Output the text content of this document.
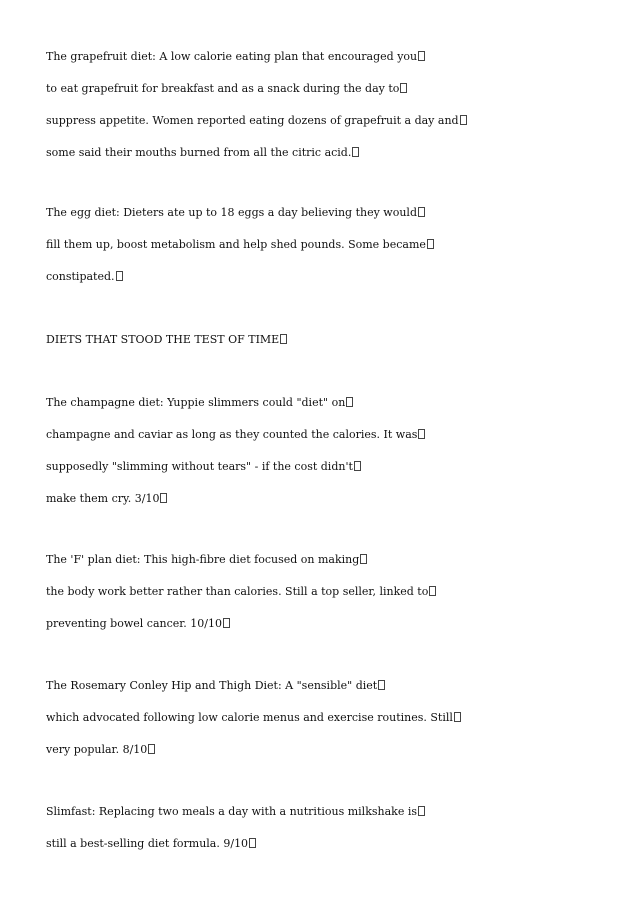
The grapefruit diet: A low calorie eating plan that encouraged you
to eat grapefruit for breakfast and as a snack during the day to
suppress appetite. Women reported eating dozens of grapefruit a day and
some said their mouths burned from all the citric acid.
The egg diet: Dieters ate up to 18 eggs a day believing they would
fill them up, boost metabolism and help shed pounds. Some became
constipated.
DIETS THAT STOOD THE TEST OF TIME
The champagne diet: Yuppie slimmers could "diet" on
champagne and caviar as long as they counted the calories. It was
supposedly "slimming without tears" - if the cost didn't
make them cry. 3/10
The 'F' plan diet: This high-fibre diet focused on making
the body work better rather than calories. Still a top seller, linked to
preventing bowel cancer. 10/10
The Rosemary Conley Hip and Thigh Diet: A "sensible" diet
which advocated following low calorie menus and exercise routines. Still
very popular. 8/10
Slimfast: Replacing two meals a day with a nutritious milkshake is
still a best-selling diet formula. 9/10
